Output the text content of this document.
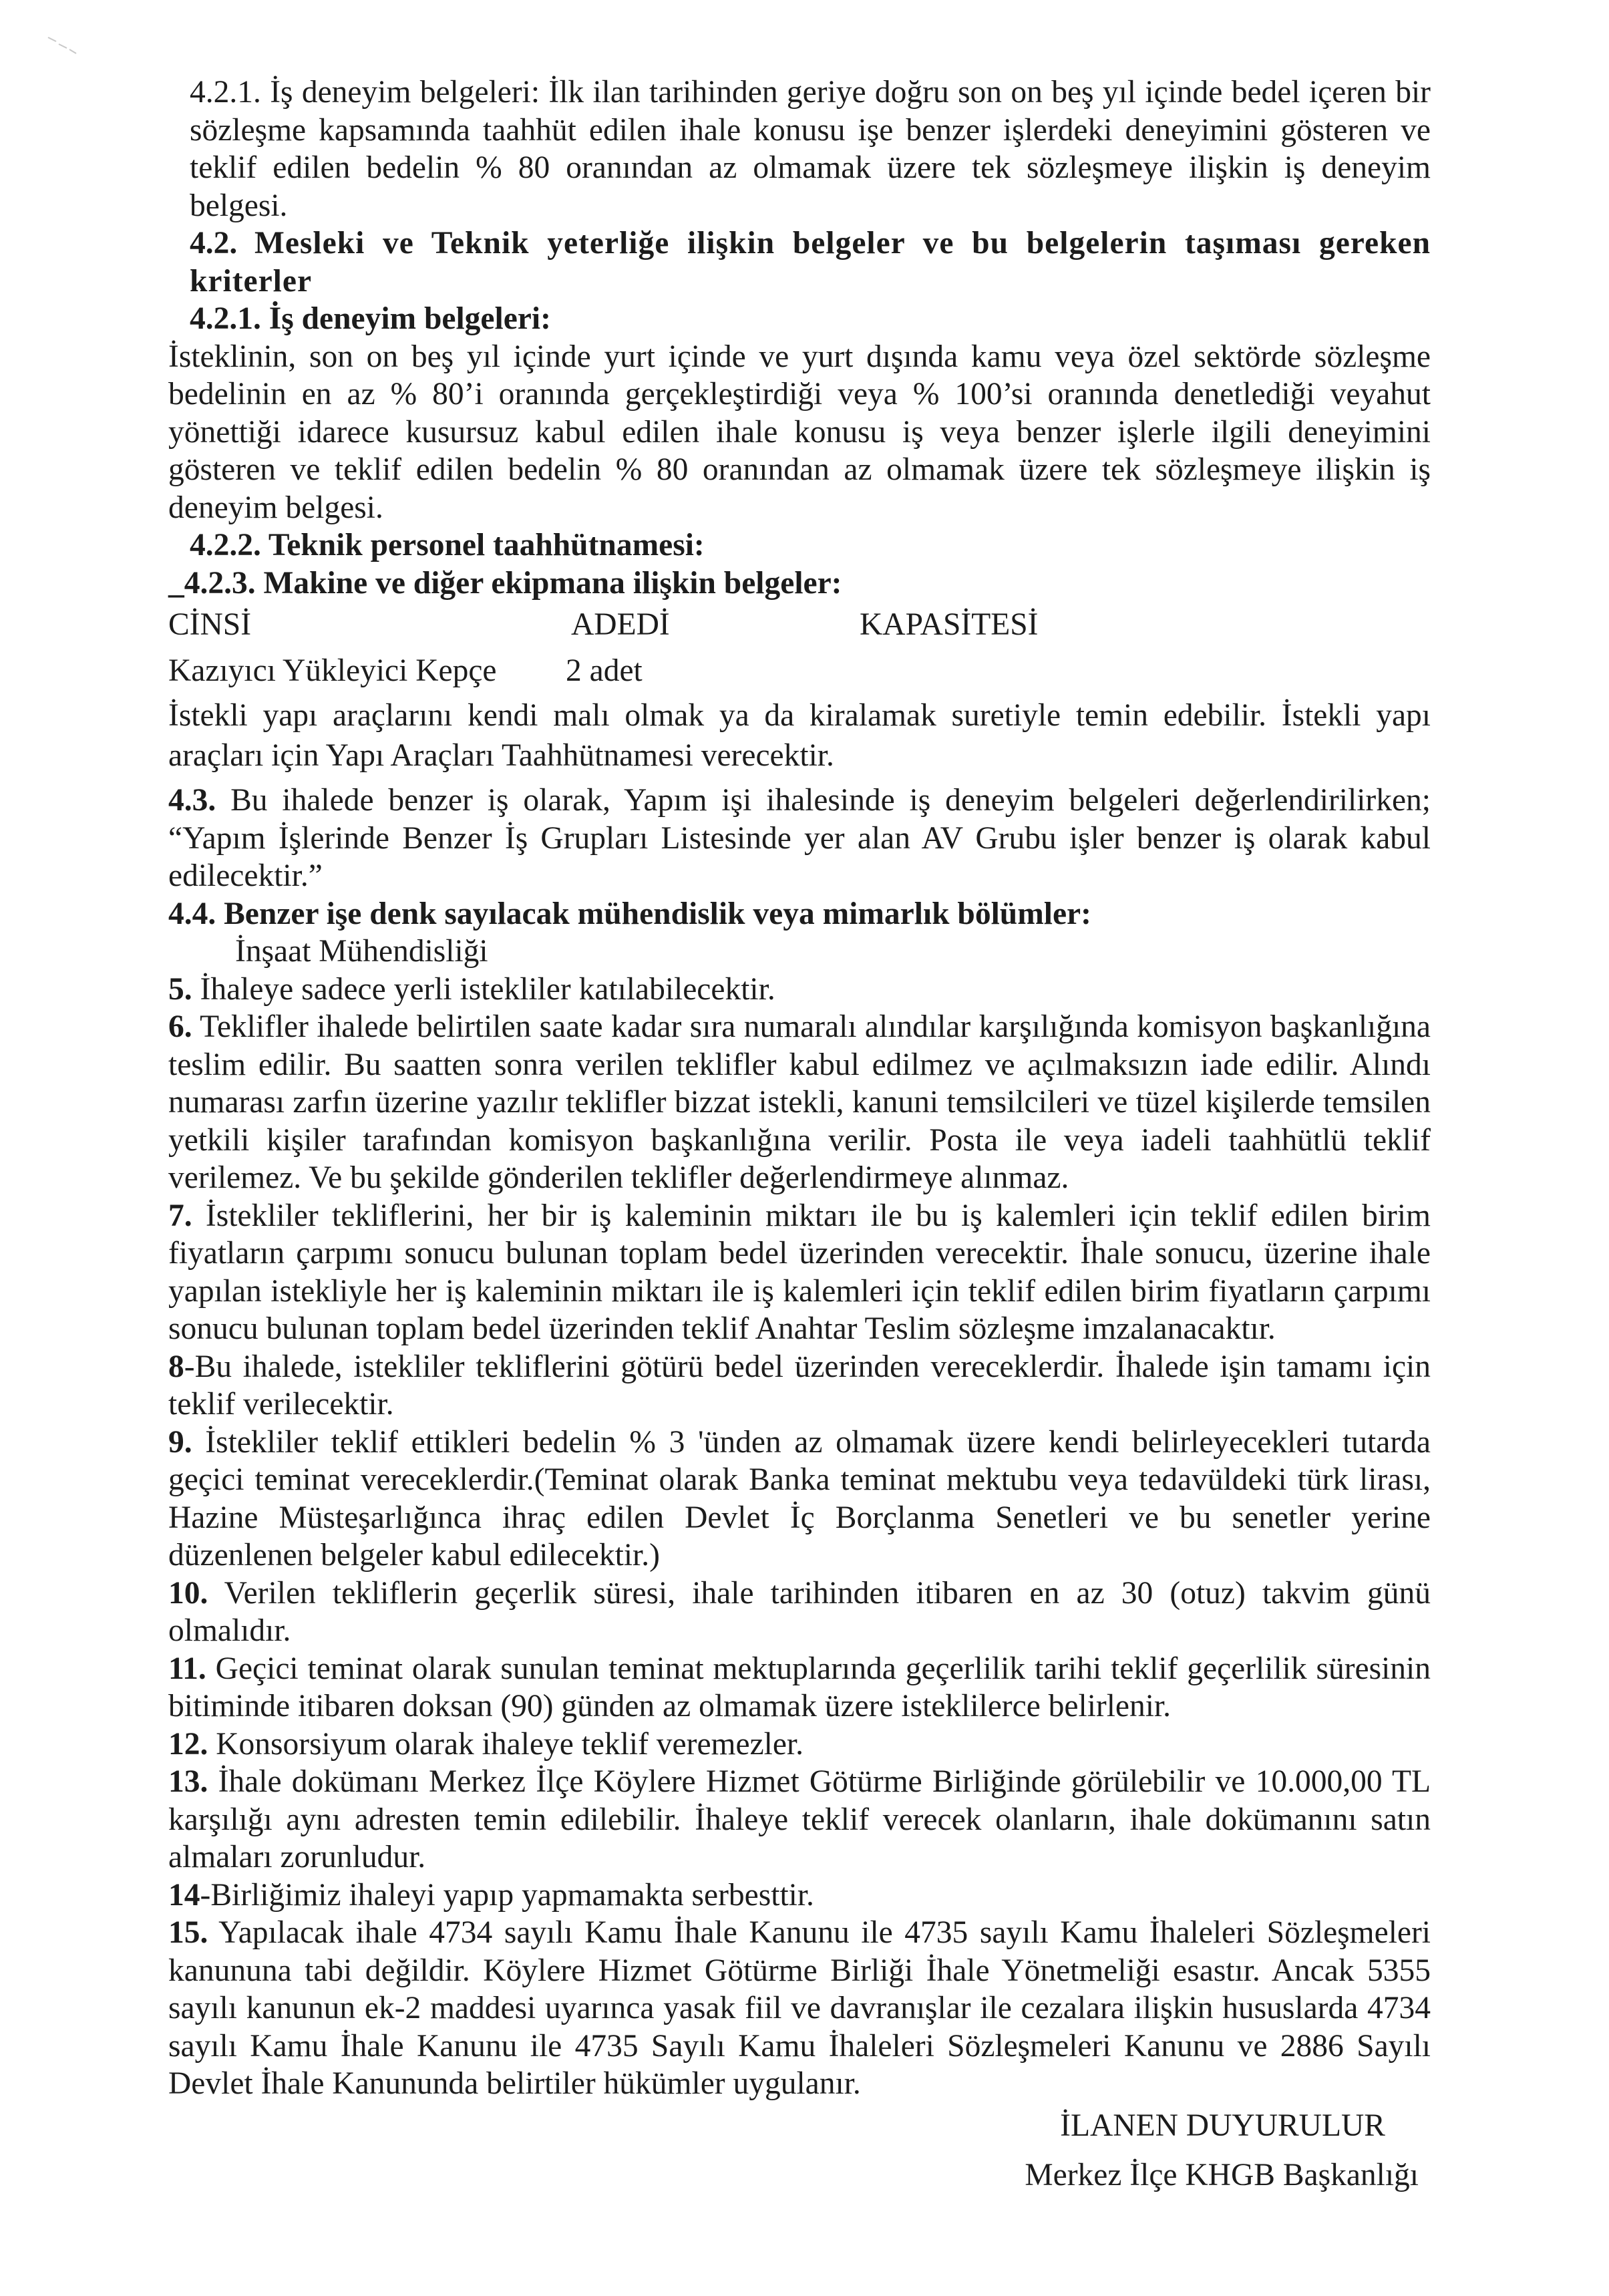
4.2.1. İş deneyim belgeleri: İlk ilan tarihinden geriye doğru son on beş yıl içinde bedel içeren bir sözleşme kapsamında taahhüt edilen ihale konusu işe benzer işlerdeki deneyimini gösteren ve teklif edilen bedelin % 80 oranından az olmamak üzere tek sözleşmeye ilişkin iş deneyim belgesi.

4.2. Mesleki ve Teknik yeterliğe ilişkin belgeler ve bu belgelerin taşıması gereken kriterler

4.2.1. İş deneyim belgeleri:

İsteklinin, son on beş yıl içinde yurt içinde ve yurt dışında kamu veya özel sektörde sözleşme bedelinin en az % 80’i oranında gerçekleştirdiği veya % 100’si oranında denetlediği veyahut yönettiği idarece kusursuz kabul edilen ihale konusu iş veya benzer işlerle ilgili deneyimini gösteren ve teklif edilen bedelin % 80 oranından az olmamak üzere tek sözleşmeye ilişkin iş deneyim belgesi.

4.2.2. Teknik personel taahhütnamesi:

_4.2.3. Makine ve diğer ekipmana ilişkin belgeler:

CİNSİ	ADEDİ	KAPASİTESİ
Kazıyıcı Yükleyici Kepçe	2 adet

İstekli yapı araçlarını kendi malı olmak ya da kiralamak suretiyle temin edebilir. İstekli yapı araçları için Yapı Araçları Taahhütnamesi verecektir.

4.3. Bu ihalede benzer iş olarak, Yapım işi ihalesinde iş deneyim belgeleri değerlendirilirken; “Yapım İşlerinde Benzer İş Grupları Listesinde yer alan AV Grubu işler benzer iş olarak kabul edilecektir.”

4.4. Benzer işe denk sayılacak mühendislik veya mimarlık bölümler:

İnşaat Mühendisliği

5. İhaleye sadece yerli istekliler katılabilecektir.

6. Teklifler ihalede belirtilen saate kadar sıra numaralı alındılar karşılığında komisyon başkanlığına teslim edilir. Bu saatten sonra verilen teklifler kabul edilmez ve açılmaksızın iade edilir. Alındı numarası zarfın üzerine yazılır teklifler bizzat istekli, kanuni temsilcileri ve tüzel kişilerde temsilen yetkili kişiler tarafından komisyon başkanlığına verilir. Posta ile veya iadeli taahhütlü teklif verilemez. Ve bu şekilde gönderilen teklifler değerlendirmeye alınmaz.

7. İstekliler tekliflerini, her bir iş kaleminin miktarı ile bu iş kalemleri için teklif edilen birim fiyatların çarpımı sonucu bulunan toplam bedel üzerinden verecektir. İhale sonucu, üzerine ihale yapılan istekliyle her iş kaleminin miktarı ile iş kalemleri için teklif edilen birim fiyatların çarpımı sonucu bulunan toplam bedel üzerinden teklif Anahtar Teslim sözleşme imzalanacaktır.

8-Bu ihalede, istekliler tekliflerini götürü bedel üzerinden vereceklerdir. İhalede işin tamamı için teklif verilecektir.

9. İstekliler teklif ettikleri bedelin % 3 'ünden az olmamak üzere kendi belirleyecekleri tutarda geçici teminat vereceklerdir.(Teminat olarak Banka teminat mektubu veya tedavüldeki türk lirası, Hazine Müsteşarlığınca ihraç edilen Devlet İç Borçlanma Senetleri ve bu senetler yerine düzenlenen belgeler kabul edilecektir.)

10. Verilen tekliflerin geçerlik süresi, ihale tarihinden itibaren en az 30 (otuz) takvim günü olmalıdır.

11. Geçici teminat olarak sunulan teminat mektuplarında geçerlilik tarihi teklif geçerlilik süresinin bitiminde itibaren doksan (90) günden az olmamak üzere isteklilerce belirlenir.

12. Konsorsiyum olarak ihaleye teklif veremezler.

13. İhale dokümanı Merkez İlçe Köylere Hizmet Götürme Birliğinde görülebilir ve 10.000,00 TL karşılığı aynı adresten temin edilebilir. İhaleye teklif verecek olanların, ihale dokümanını satın almaları zorunludur.

14-Birliğimiz ihaleyi yapıp yapmamakta serbesttir.

15. Yapılacak ihale 4734 sayılı Kamu İhale Kanunu ile 4735 sayılı Kamu İhaleleri Sözleşmeleri kanununa tabi değildir. Köylere Hizmet Götürme Birliği İhale Yönetmeliği esastır. Ancak 5355 sayılı kanunun ek-2 maddesi uyarınca yasak fiil ve davranışlar ile cezalara ilişkin hususlarda 4734 sayılı Kamu İhale Kanunu ile 4735 Sayılı Kamu İhaleleri Sözleşmeleri Kanunu ve 2886 Sayılı Devlet İhale Kanununda belirtiler hükümler uygulanır.

İLANEN DUYURULUR

Merkez İlçe KHGB Başkanlığı
